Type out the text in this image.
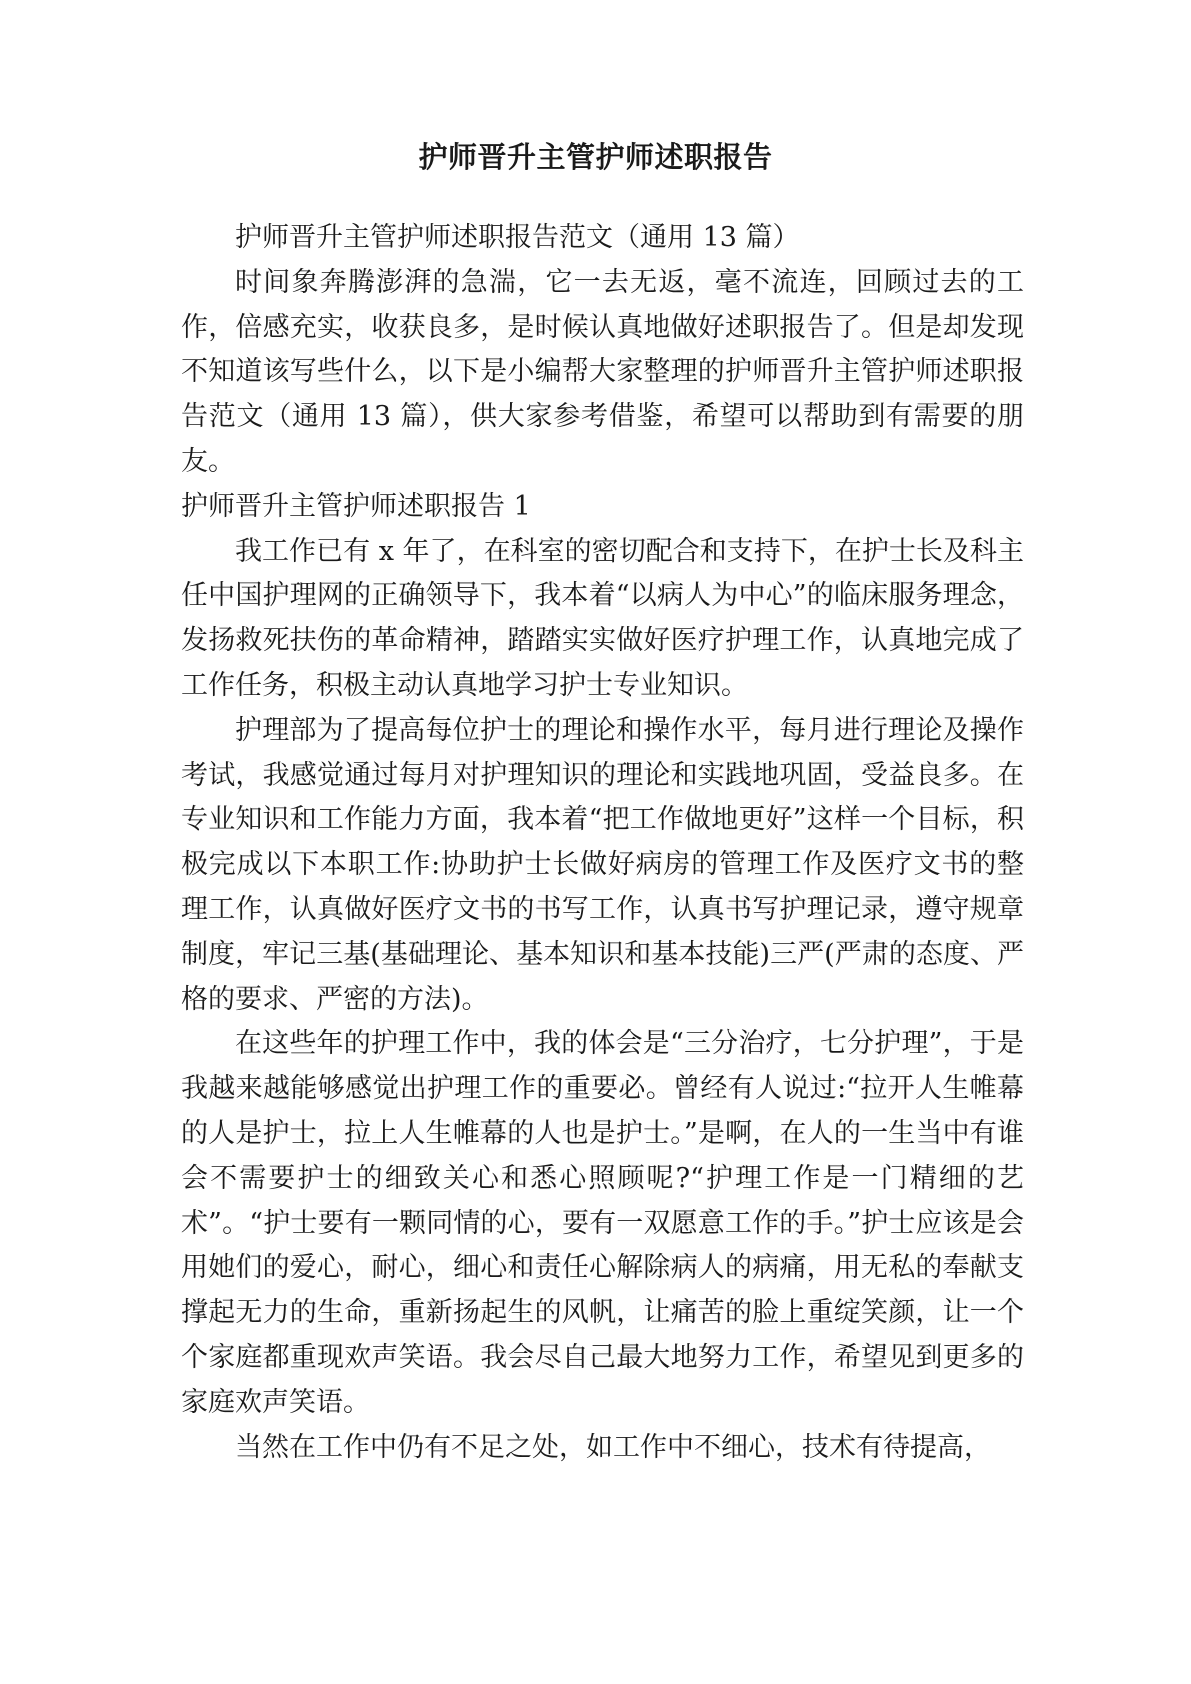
护师晋升主管护师述职报告

护师晋升主管护师述职报告范文（通用 13 篇）

时间象奔腾澎湃的急湍，它一去无返，毫不流连，回顾过去的工作，倍感充实，收获良多，是时候认真地做好述职报告了。但是却发现不知道该写些什么，以下是小编帮大家整理的护师晋升主管护师述职报告范文（通用 13 篇），供大家参考借鉴，希望可以帮助到有需要的朋友。

护师晋升主管护师述职报告 1

我工作已有 x 年了，在科室的密切配合和支持下，在护士长及科主任中国护理网的正确领导下，我本着“以病人为中心”的临床服务理念，发扬救死扶伤的革命精神，踏踏实实做好医疗护理工作，认真地完成了工作任务，积极主动认真地学习护士专业知识。

护理部为了提高每位护士的理论和操作水平，每月进行理论及操作考试，我感觉通过每月对护理知识的理论和实践地巩固，受益良多。在专业知识和工作能力方面，我本着“把工作做地更好”这样一个目标，积极完成以下本职工作:协助护士长做好病房的管理工作及医疗文书的整理工作，认真做好医疗文书的书写工作，认真书写护理记录，遵守规章制度，牢记三基(基础理论、基本知识和基本技能)三严(严肃的态度、严格的要求、严密的方法)。

在这些年的护理工作中，我的体会是“三分治疗，七分护理”，于是我越来越能够感觉出护理工作的重要必。曾经有人说过:“拉开人生帷幕的人是护士，拉上人生帷幕的人也是护士。”是啊，在人的一生当中有谁会不需要护士的细致关心和悉心照顾呢?“护理工作是一门精细的艺术”。“护士要有一颗同情的心，要有一双愿意工作的手。”护士应该是会用她们的爱心，耐心，细心和责任心解除病人的病痛，用无私的奉献支撑起无力的生命，重新扬起生的风帆，让痛苦的脸上重绽笑颜，让一个个家庭都重现欢声笑语。我会尽自己最大地努力工作，希望见到更多的家庭欢声笑语。

当然在工作中仍有不足之处，如工作中不细心，技术有待提高，
